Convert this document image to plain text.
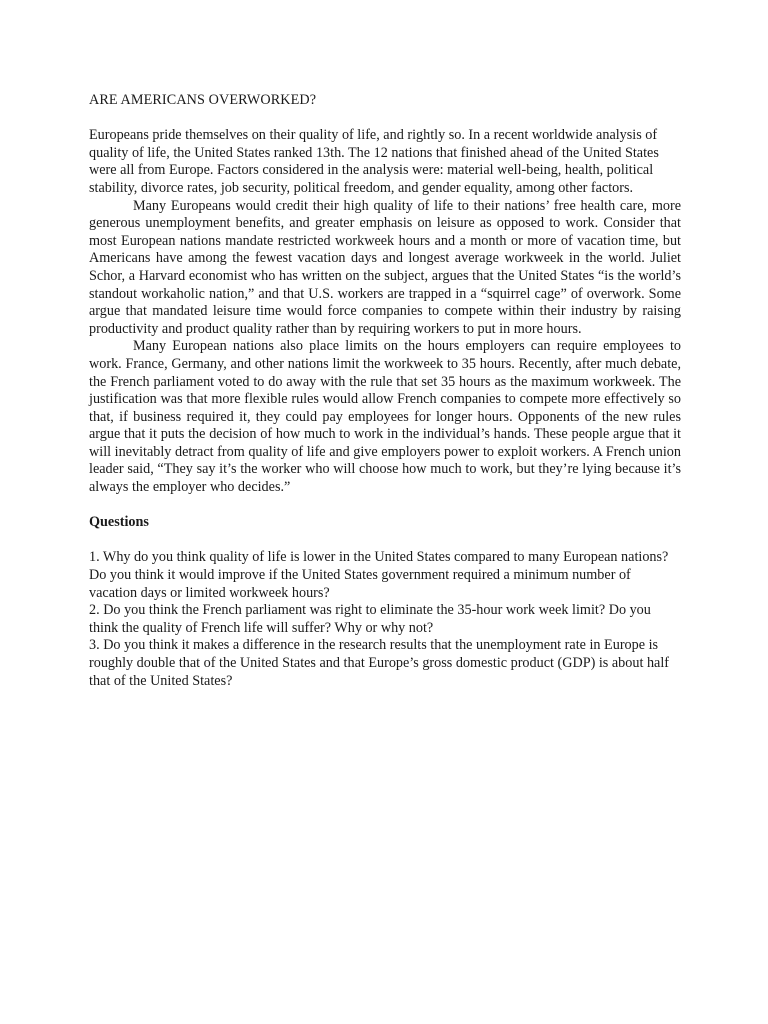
ARE AMERICANS OVERWORKED?

Europeans pride themselves on their quality of life, and rightly so. In a recent worldwide analysis of quality of life, the United States ranked 13th. The 12 nations that finished ahead of the United States were all from Europe. Factors considered in the analysis were: material well-being, health, political stability, divorce rates, job security, political freedom, and gender equality, among other factors.

Many Europeans would credit their high quality of life to their nations’ free health care, more generous unemployment benefits, and greater emphasis on leisure as opposed to work. Consider that most European nations mandate restricted workweek hours and a month or more of vacation time, but Americans have among the fewest vacation days and longest average workweek in the world. Juliet Schor, a Harvard economist who has written on the subject, argues that the United States “is the world’s standout workaholic nation,” and that U.S. workers are trapped in a “squirrel cage” of overwork. Some argue that mandated leisure time would force companies to compete within their industry by raising productivity and product quality rather than by requiring workers to put in more hours.

Many European nations also place limits on the hours employers can require employees to work. France, Germany, and other nations limit the workweek to 35 hours. Recently, after much debate, the French parliament voted to do away with the rule that set 35 hours as the maximum workweek. The justification was that more flexible rules would allow French companies to compete more effectively so that, if business required it, they could pay employees for longer hours. Opponents of the new rules argue that it puts the decision of how much to work in the individual’s hands. These people argue that it will inevitably detract from quality of life and give employers power to exploit workers. A French union leader said, “They say it’s the worker who will choose how much to work, but they’re lying because it’s always the employer who decides.”

Questions

1. Why do you think quality of life is lower in the United States compared to many European nations? Do you think it would improve if the United States government required a minimum number of vacation days or limited workweek hours?

2. Do you think the French parliament was right to eliminate the 35-hour work week limit? Do you think the quality of French life will suffer? Why or why not?

3. Do you think it makes a difference in the research results that the unemployment rate in Europe is roughly double that of the United States and that Europe’s gross domestic product (GDP) is about half that of the United States?
